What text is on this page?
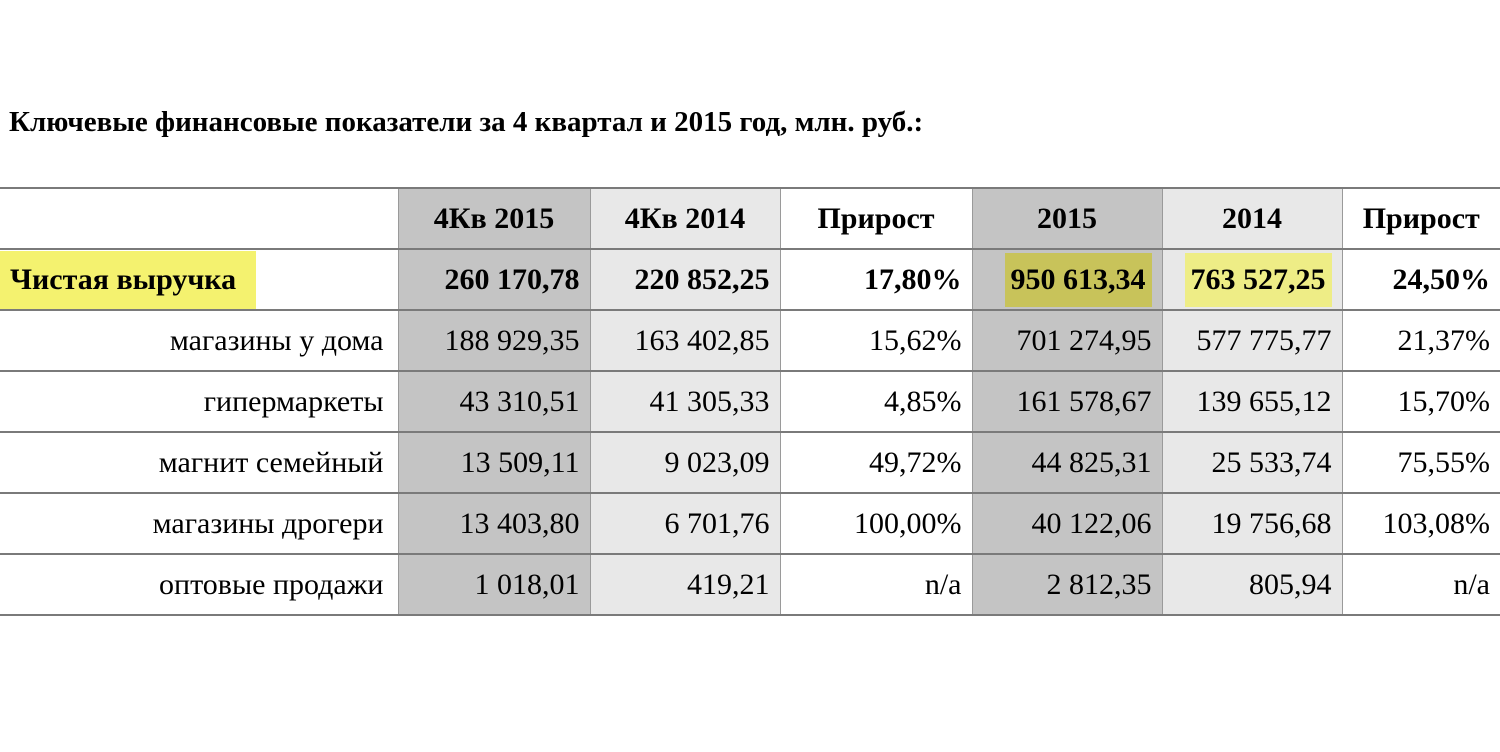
Ключевые финансовые показатели за 4 квартал и 2015 год, млн. руб.:
	4Кв 2015	4Кв 2014	Прирост	2015	2014	Прирост
Чистая выручка	260 170,78	220 852,25	17,80%	950 613,34	763 527,25	24,50%
магазины у дома	188 929,35	163 402,85	15,62%	701 274,95	577 775,77	21,37%
гипермаркеты	43 310,51	41 305,33	4,85%	161 578,67	139 655,12	15,70%
магнит семейный	13 509,11	9 023,09	49,72%	44 825,31	25 533,74	75,55%
магазины дрогери	13 403,80	6 701,76	100,00%	40 122,06	19 756,68	103,08%
оптовые продажи	1 018,01	419,21	n/a	2 812,35	805,94	n/a
